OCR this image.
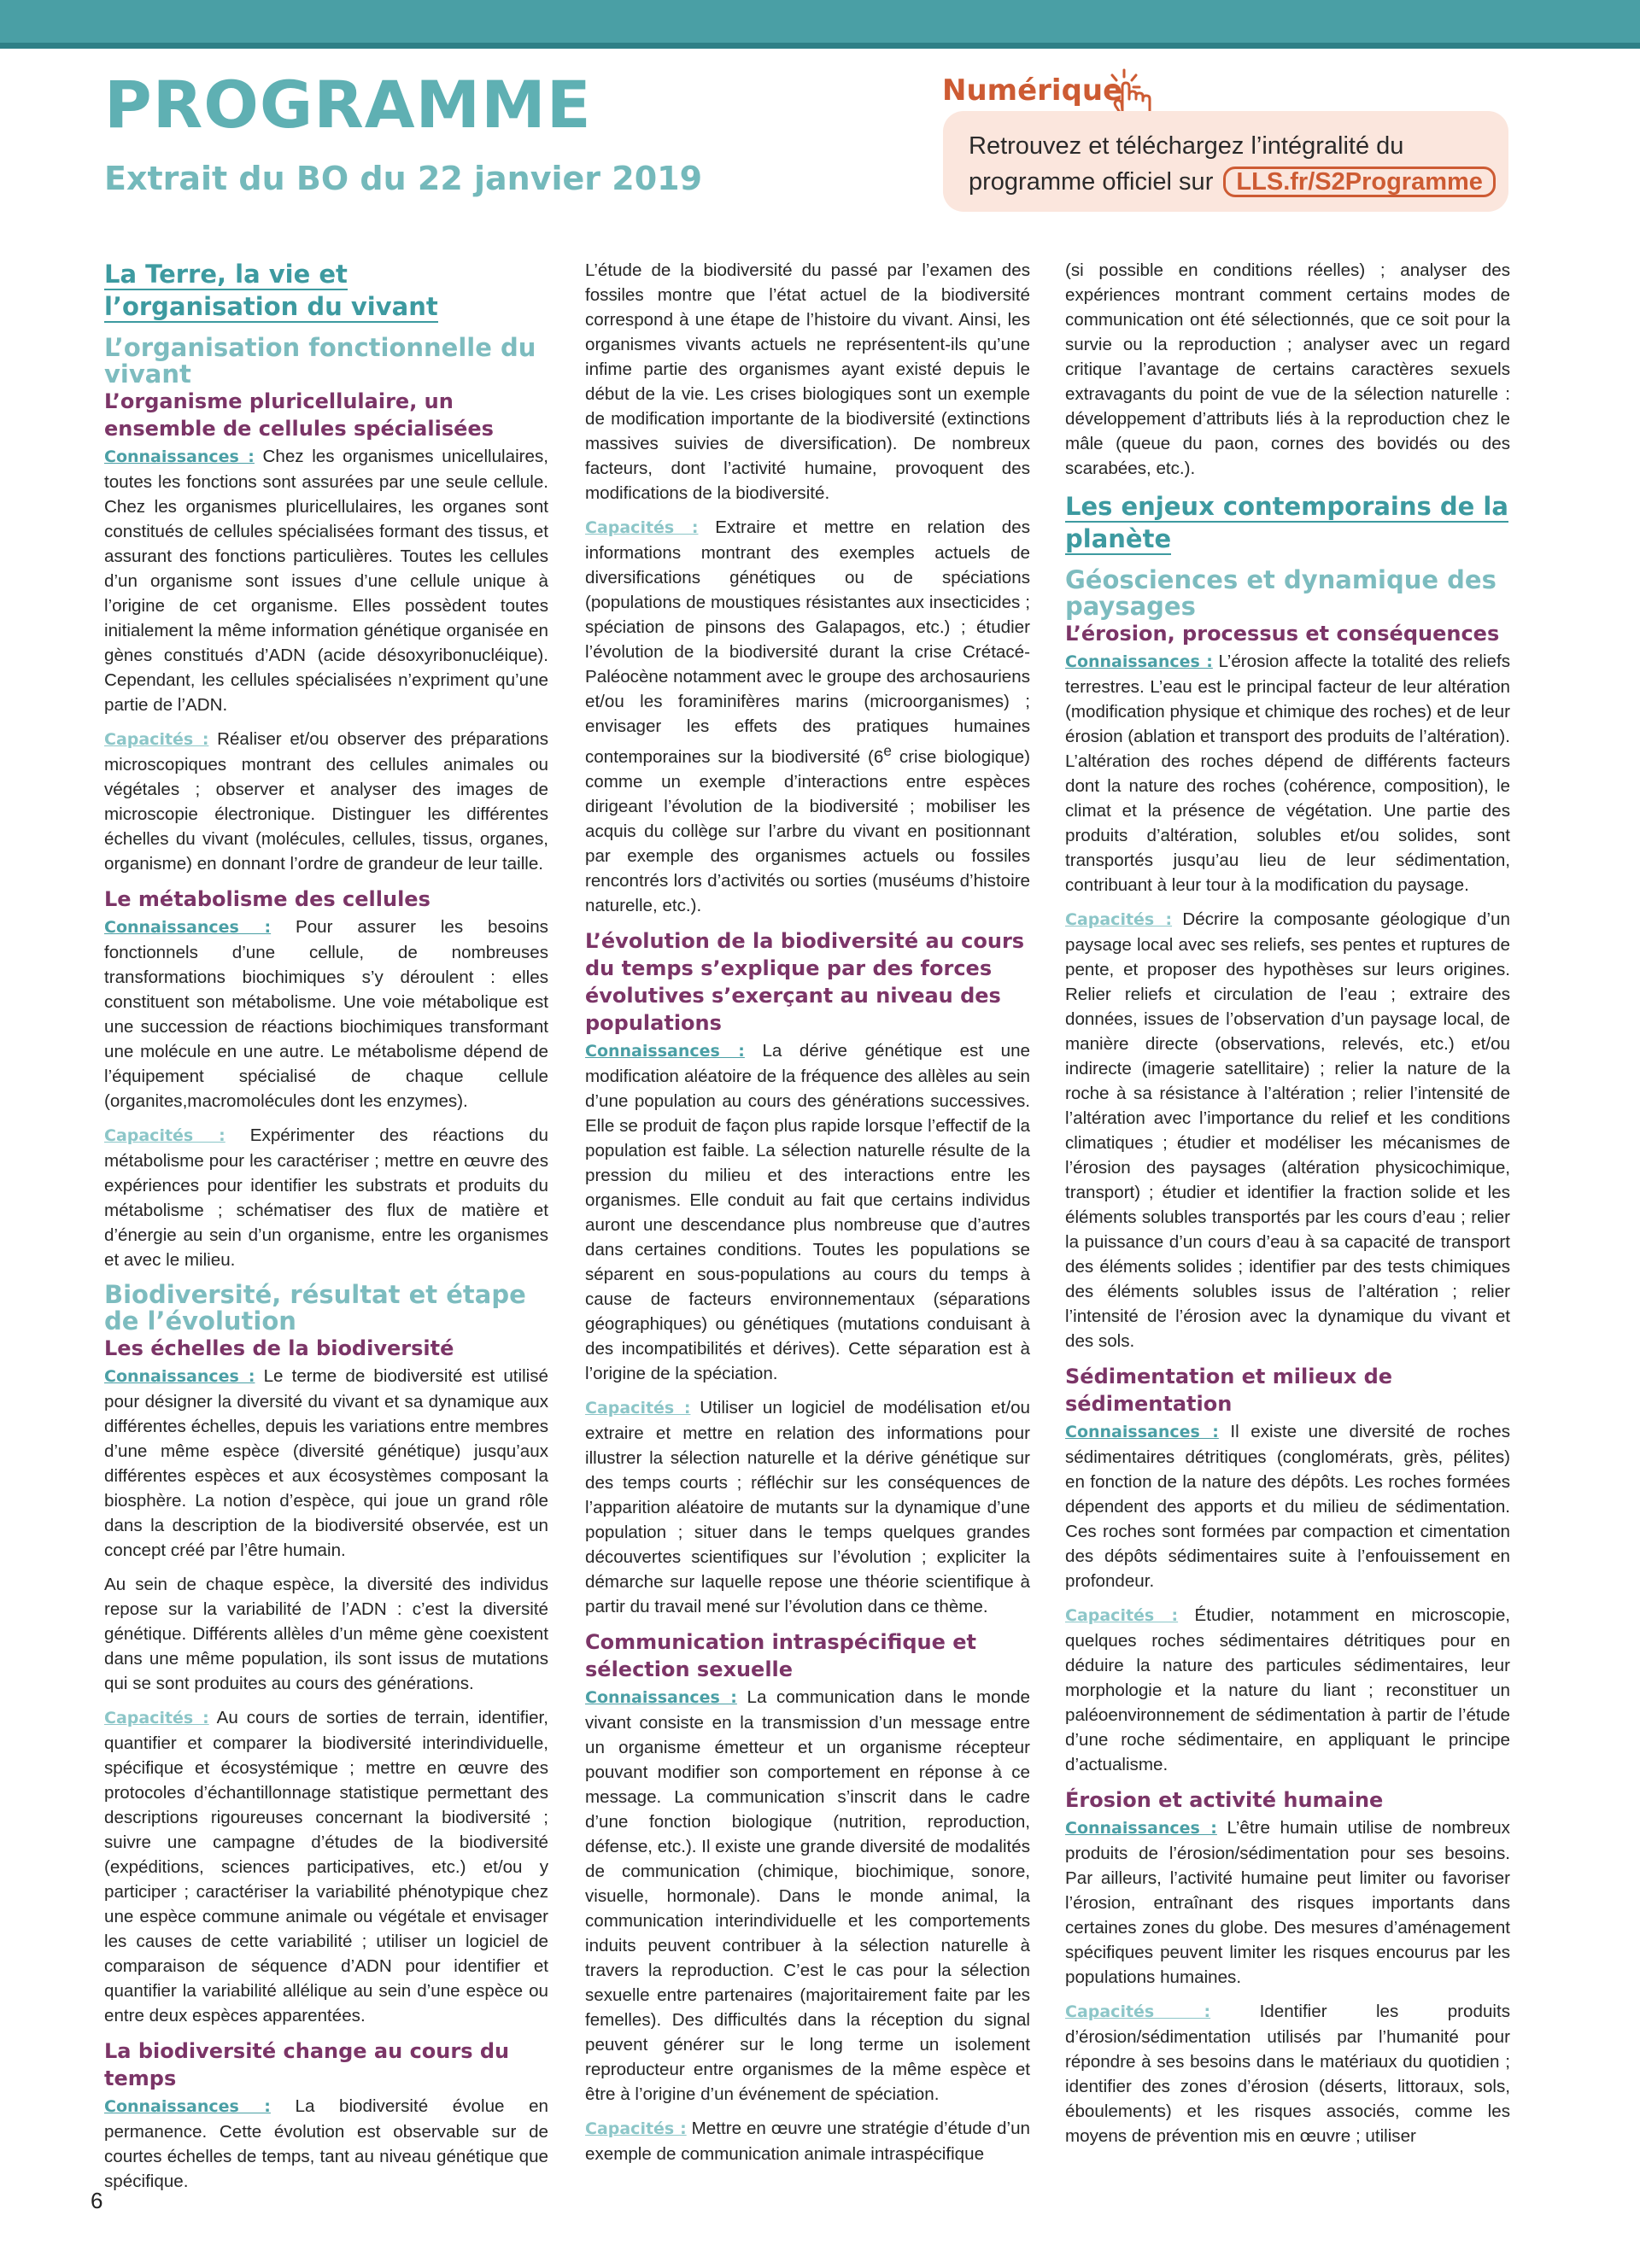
PROGRAMME
Extrait du BO du 22 janvier 2019
Numérique
Retrouvez et téléchargez l’intégralité du programme officiel sur LLS.fr/S2Programme
La Terre, la vie et l’organisation du vivant
L’organisation fonctionnelle du vivant
L’organisme pluricellulaire, un ensemble de cellules spécialisées

Connaissances : Chez les organismes unicellulaires, toutes les fonctions sont assurées par une seule cellule. Chez les organismes pluricellulaires, les organes sont constitués de cellules spécialisées formant des tissus, et assurant des fonctions particulières. Toutes les cellules d’un organisme sont issues d’une cellule unique à l’origine de cet organisme. Elles possèdent toutes initialement la même information génétique organisée en gènes constitués d’ADN (acide désoxyribonucléique). Cependant, les cellules spécialisées n’expriment qu’une partie de l’ADN.

Capacités : Réaliser et/ou observer des préparations microscopiques montrant des cellules animales ou végétales ; observer et analyser des images de microscopie électronique. Distinguer les différentes échelles du vivant (molécules, cellules, tissus, organes, organisme) en donnant l’ordre de grandeur de leur taille.

Le métabolisme des cellules

Connaissances : Pour assurer les besoins fonctionnels d’une cellule, de nombreuses transformations biochimiques s’y déroulent : elles constituent son métabolisme. Une voie métabolique est une succession de réactions biochimiques transformant une molécule en une autre. Le métabolisme dépend de l’équipement spécialisé de chaque cellule (organites,macromolécules dont les enzymes).

Capacités : Expérimenter des réactions du métabolisme pour les caractériser ; mettre en œuvre des expériences pour identifier les substrats et produits du métabolisme ; schématiser des flux de matière et d’énergie au sein d’un organisme, entre les organismes et avec le milieu.

Biodiversité, résultat et étape de l’évolution
Les échelles de la biodiversité

Connaissances : Le terme de biodiversité est utilisé pour désigner la diversité du vivant et sa dynamique aux différentes échelles, depuis les variations entre membres d’une même espèce (diversité génétique) jusqu’aux différentes espèces et aux écosystèmes composant la biosphère. La notion d’espèce, qui joue un grand rôle dans la description de la biodiversité observée, est un concept créé par l’être humain.

Au sein de chaque espèce, la diversité des individus repose sur la variabilité de l’ADN : c’est la diversité génétique. Différents allèles d’un même gène coexistent dans une même population, ils sont issus de mutations qui se sont produites au cours des générations.

Capacités : Au cours de sorties de terrain, identifier, quantifier et comparer la biodiversité interindividuelle, spécifique et écosystémique ; mettre en œuvre des protocoles d’échantillonnage statistique permettant des descriptions rigoureuses concernant la biodiversité ; suivre une campagne d’études de la biodiversité (expéditions, sciences participatives, etc.) et/ou y participer ; caractériser la variabilité phénotypique chez une espèce commune animale ou végétale et envisager les causes de cette variabilité ; utiliser un logiciel de comparaison de séquence d’ADN pour identifier et quantifier la variabilité allélique au sein d’une espèce ou entre deux espèces apparentées.

La biodiversité change au cours du temps

Connaissances : La biodiversité évolue en permanence. Cette évolution est observable sur de courtes échelles de temps, tant au niveau génétique que spécifique.

L’étude de la biodiversité du passé par l’examen des fossiles montre que l’état actuel de la biodiversité correspond à une étape de l’histoire du vivant. Ainsi, les organismes vivants actuels ne représentent-ils qu’une infime partie des organismes ayant existé depuis le début de la vie. Les crises biologiques sont un exemple de modification importante de la biodiversité (extinctions massives suivies de diversification). De nombreux facteurs, dont l’activité humaine, provoquent des modifications de la biodiversité.

Capacités : Extraire et mettre en relation des informations montrant des exemples actuels de diversifications génétiques ou de spéciations (populations de moustiques résistantes aux insecticides ; spéciation de pinsons des Galapagos, etc.) ; étudier l’évolution de la biodiversité durant la crise Crétacé-Paléocène notamment avec le groupe des archosauriens et/ou les foraminifères marins (microorganismes) ; envisager les effets des pratiques humaines contemporaines sur la biodiversité (6e crise biologique) comme un exemple d’interactions entre espèces dirigeant l’évolution de la biodiversité ; mobiliser les acquis du collège sur l’arbre du vivant en positionnant par exemple des organismes actuels ou fossiles rencontrés lors d’activités ou sorties (muséums d’histoire naturelle, etc.).

L’évolution de la biodiversité au cours du temps s’explique par des forces évolutives s’exerçant au niveau des populations

Connaissances : La dérive génétique est une modification aléatoire de la fréquence des allèles au sein d’une population au cours des générations successives. Elle se produit de façon plus rapide lorsque l’effectif de la population est faible. La sélection naturelle résulte de la pression du milieu et des interactions entre les organismes. Elle conduit au fait que certains individus auront une descendance plus nombreuse que d’autres dans certaines conditions. Toutes les populations se séparent en sous-populations au cours du temps à cause de facteurs environnementaux (séparations géographiques) ou génétiques (mutations conduisant à des incompatibilités et dérives). Cette séparation est à l’origine de la spéciation.

Capacités : Utiliser un logiciel de modélisation et/ou extraire et mettre en relation des informations pour illustrer la sélection naturelle et la dérive génétique sur des temps courts ; réfléchir sur les conséquences de l’apparition aléatoire de mutants sur la dynamique d’une population ; situer dans le temps quelques grandes découvertes scientifiques sur l’évolution ; expliciter la démarche sur laquelle repose une théorie scientifique à partir du travail mené sur l’évolution dans ce thème.

Communication intraspécifique et sélection sexuelle

Connaissances : La communication dans le monde vivant consiste en la transmission d’un message entre un organisme émetteur et un organisme récepteur pouvant modifier son comportement en réponse à ce message. La communication s’inscrit dans le cadre d’une fonction biologique (nutrition, reproduction, défense, etc.). Il existe une grande diversité de modalités de communication (chimique, biochimique, sonore, visuelle, hormonale). Dans le monde animal, la communication interindividuelle et les comportements induits peuvent contribuer à la sélection naturelle à travers la reproduction. C’est le cas pour la sélection sexuelle entre partenaires (majoritairement faite par les femelles). Des difficultés dans la réception du signal peuvent générer sur le long terme un isolement reproducteur entre organismes de la même espèce et être à l’origine d’un événement de spéciation.

Capacités : Mettre en œuvre une stratégie d’étude d’un exemple de communication animale intraspécifique

(si possible en conditions réelles) ; analyser des expériences montrant comment certains modes de communication ont été sélectionnés, que ce soit pour la survie ou la reproduction ; analyser avec un regard critique l’avantage de certains caractères sexuels extravagants du point de vue de la sélection naturelle : développement d’attributs liés à la reproduction chez le mâle (queue du paon, cornes des bovidés ou des scarabées, etc.).

Les enjeux contemporains de la planète
Géosciences et dynamique des paysages
L’érosion, processus et conséquences

Connaissances : L’érosion affecte la totalité des reliefs terrestres. L’eau est le principal facteur de leur altération (modification physique et chimique des roches) et de leur érosion (ablation et transport des produits de l’altération). L’altération des roches dépend de différents facteurs dont la nature des roches (cohérence, composition), le climat et la présence de végétation. Une partie des produits d’altération, solubles et/ou solides, sont transportés jusqu’au lieu de leur sédimentation, contribuant à leur tour à la modification du paysage.

Capacités : Décrire la composante géologique d’un paysage local avec ses reliefs, ses pentes et ruptures de pente, et proposer des hypothèses sur leurs origines. Relier reliefs et circulation de l’eau ; extraire des données, issues de l’observation d’un paysage local, de manière directe (observations, relevés, etc.) et/ou indirecte (imagerie satellitaire) ; relier la nature de la roche à sa résistance à l’altération ; relier l’intensité de l’altération avec l’importance du relief et les conditions climatiques ; étudier et modéliser les mécanismes de l’érosion des paysages (altération physicochimique, transport) ; étudier et identifier la fraction solide et les éléments solubles transportés par les cours d’eau ; relier la puissance d’un cours d’eau à sa capacité de transport des éléments solides ; identifier par des tests chimiques des éléments solubles issus de l’altération ; relier l’intensité de l’érosion avec la dynamique du vivant et des sols.

Sédimentation et milieux de sédimentation

Connaissances : Il existe une diversité de roches sédimentaires détritiques (conglomérats, grès, pélites) en fonction de la nature des dépôts. Les roches formées dépendent des apports et du milieu de sédimentation. Ces roches sont formées par compaction et cimentation des dépôts sédimentaires suite à l’enfouissement en profondeur.

Capacités : Étudier, notamment en microscopie, quelques roches sédimentaires détritiques pour en déduire la nature des particules sédimentaires, leur morphologie et la nature du liant ; reconstituer un paléoenvironnement de sédimentation à partir de l’étude d’une roche sédimentaire, en appliquant le principe d’actualisme.

Érosion et activité humaine

Connaissances : L’être humain utilise de nombreux produits de l’érosion/sédimentation pour ses besoins. Par ailleurs, l’activité humaine peut limiter ou favoriser l’érosion, entraînant des risques importants dans certaines zones du globe. Des mesures d’aménagement spécifiques peuvent limiter les risques encourus par les populations humaines.

Capacités :	Identifier les produits d’érosion/sédimentation utilisés par l’humanité pour répondre à ses besoins dans le matériaux du quotidien ; identifier des zones d’érosion (déserts, littoraux, sols, éboulements) et les risques associés, comme les moyens de prévention mis en œuvre ; utiliser

6
